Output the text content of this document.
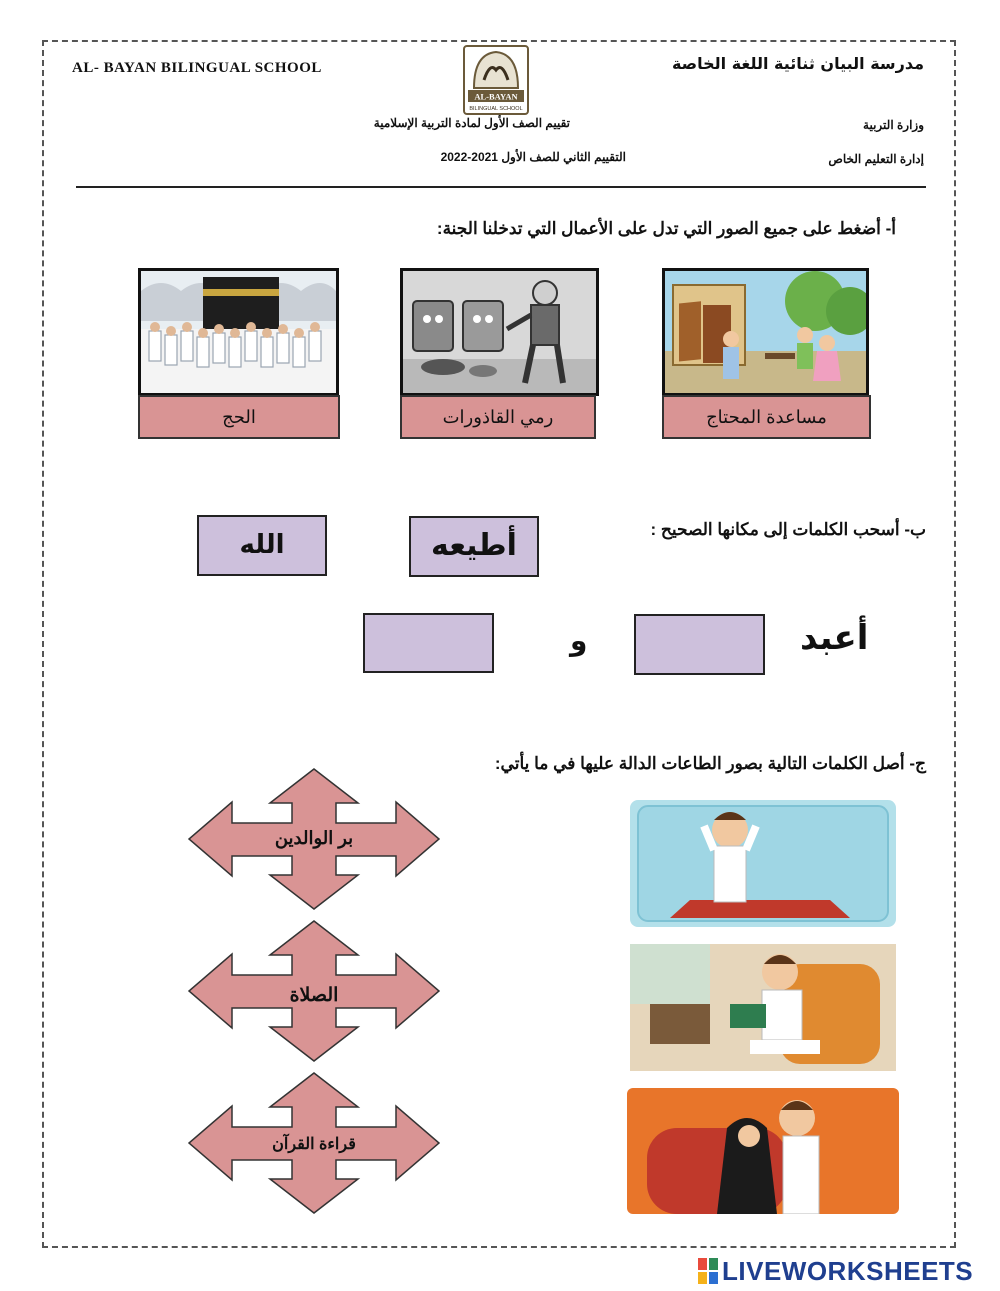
AL- BAYAN BILINGUAL SCHOOL	مدرسة البيان ثنائية اللغة الخاصة
AL-BAYAN
BILINGUAL SCHOOL
وزارة التربية
إدارة التعليم الخاص
تقييم الصف الأول لمادة التربية الإسلامية
التقييم الثاني للصف الأول 2021-2022
أ- أضغط على جميع الصور التي تدل على الأعمال التي تدخلنا الجنة:
مساعدة المحتاج
رمي القاذورات
الحج
ب- أسحب الكلمات إلى مكانها الصحيح :
أطيعه
الله
أعبد
و
ج- أصل الكلمات التالية بصور الطاعات الدالة عليها في ما يأتي:
بر الوالدين
الصلاة
قراءة القرآن
LIVEWORKSHEETS
